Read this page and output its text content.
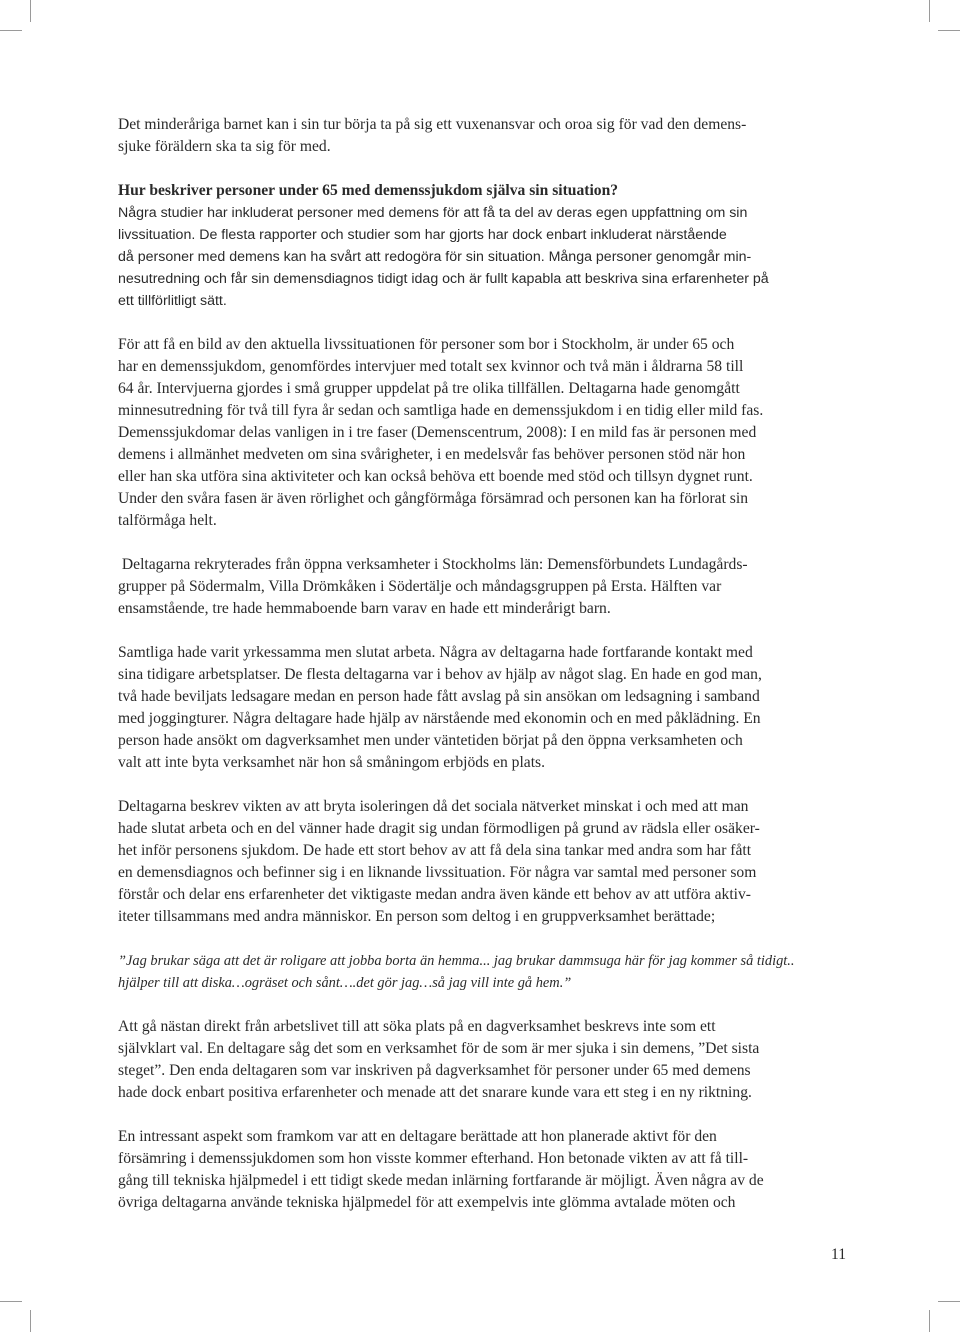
Det minderåriga barnet kan i sin tur börja ta på sig ett vuxenansvar och oroa sig för vad den demens-
sjuke föräldern ska ta sig för med.
Hur beskriver personer under 65 med demenssjukdom själva sin situation?
Några studier har inkluderat personer med demens för att få ta del av deras egen uppfattning om sin
livssituation. De flesta rapporter och studier som har gjorts har dock enbart inkluderat närstående
då personer med demens kan ha svårt att redogöra för sin situation. Många personer genomgår min-
nesutredning och får sin demensdiagnos tidigt idag och är fullt kapabla att beskriva sina erfarenheter på
ett tillförlitligt sätt.
För att få en bild av den aktuella livssituationen för personer som bor i Stockholm, är under 65 och
har en demenssjukdom, genomfördes intervjuer med totalt sex kvinnor och två män i åldrarna 58 till
64 år. Intervjuerna gjordes i små grupper uppdelat på tre olika tillfällen. Deltagarna hade genomgått
minnesutredning för två till fyra år sedan och samtliga hade en demenssjukdom i en tidig eller mild fas.
Demenssjukdomar delas vanligen in i tre faser (Demenscentrum, 2008): I en mild fas är personen med
demens i allmänhet medveten om sina svårigheter, i en medelsvår fas behöver personen stöd när hon
eller han ska utföra sina aktiviteter och kan också behöva ett boende med stöd och tillsyn dygnet runt.
Under den svåra fasen är även rörlighet och gångförmåga försämrad och personen kan ha förlorat sin
talförmåga helt.
Deltagarna rekryterades från öppna verksamheter i Stockholms län: Demensförbundets Lundagårds-
grupper på Södermalm, Villa Drömkåken i Södertälje och måndagsgruppen på Ersta. Hälften var
ensamstående, tre hade hemmaboende barn varav en hade ett minderårigt barn.
Samtliga hade varit yrkessamma men slutat arbeta. Några av deltagarna hade fortfarande kontakt med
sina tidigare arbetsplatser. De flesta deltagarna var i behov av hjälp av något slag. En hade en god man,
två hade beviljats ledsagare medan en person hade fått avslag på sin ansökan om ledsagning i samband
med joggingturer. Några deltagare hade hjälp av närstående med ekonomin och en med påklädning. En
person hade ansökt om dagverksamhet men under väntetiden börjat på den öppna verksamheten och
valt att inte byta verksamhet när hon så småningom erbjöds en plats.
Deltagarna beskrev vikten av att bryta isoleringen då det sociala nätverket minskat i och med att man
hade slutat arbeta och en del vänner hade dragit sig undan förmodligen på grund av rädsla eller osäker-
het inför personens sjukdom. De hade ett stort behov av att få dela sina tankar med andra som har fått
en demensdiagnos och befinner sig i en liknande livssituation. För några var samtal med personer som
förstår och delar ens erfarenheter det viktigaste medan andra även kände ett behov av att utföra aktiv-
iteter tillsammans med andra människor. En person som deltog i en gruppverksamhet berättade;
”Jag brukar säga att det är roligare att jobba borta än hemma... jag brukar dammsuga här för jag kommer så tidigt..
hjälper till att diska…ogräset och sånt….det gör jag…så jag vill inte gå hem.”
Att gå nästan direkt från arbetslivet till att söka plats på en dagverksamhet beskrevs inte som ett
självklart val. En deltagare såg det som en verksamhet för de som är mer sjuka i sin demens, ”Det sista
steget”. Den enda deltagaren som var inskriven på dagverksamhet för personer under 65 med demens
hade dock enbart positiva erfarenheter och menade att det snarare kunde vara ett steg i en ny riktning.
En intressant aspekt som framkom var att en deltagare berättade att hon planerade aktivt för den
försämring i demenssjukdomen som hon visste kommer efterhand. Hon betonade vikten av att få till-
gång till tekniska hjälpmedel i ett tidigt skede medan inlärning fortfarande är möjligt. Även några av de
övriga deltagarna använde tekniska hjälpmedel för att exempelvis inte glömma avtalade möten och
11
